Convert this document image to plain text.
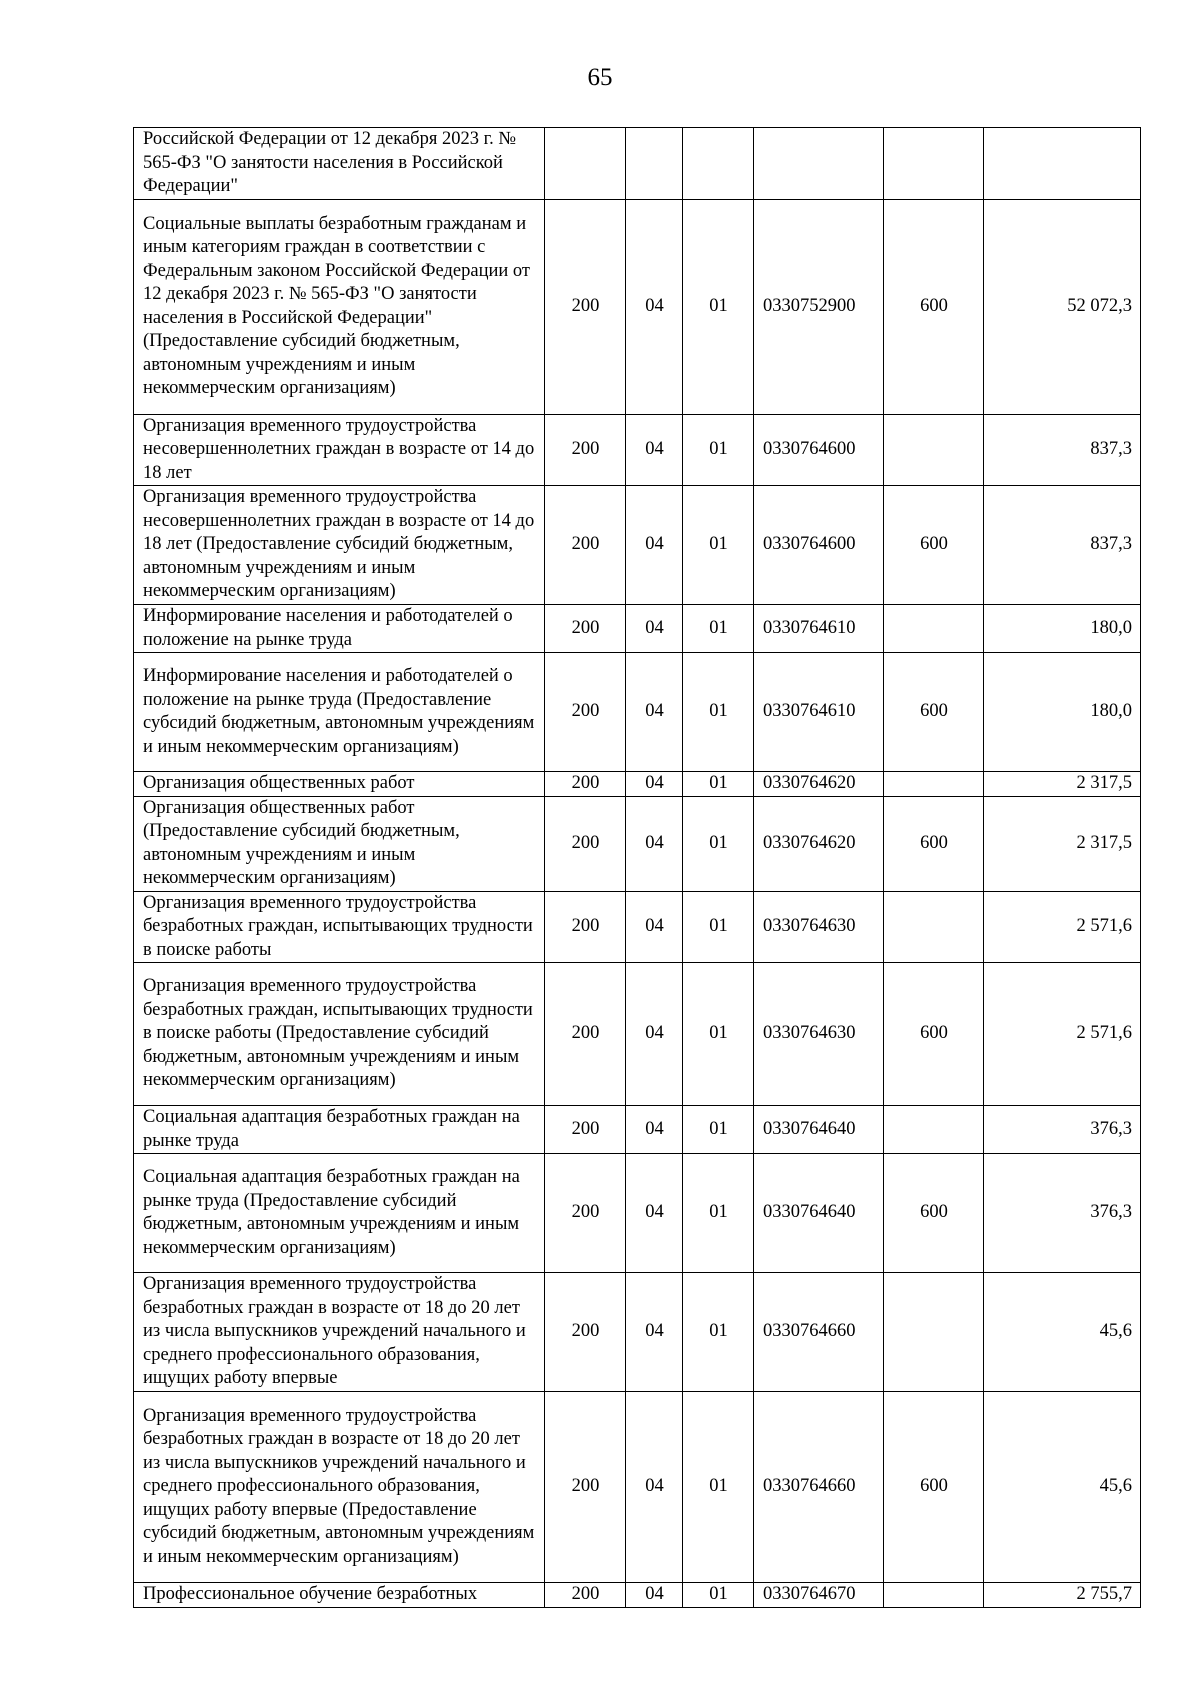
65
Российской Федерации от 12 декабря 2023 г. № 565-ФЗ "О занятости населения в Российской Федерации"						
Социальные выплаты безработным гражданам и иным категориям граждан в соответствии с Федеральным законом Российской Федерации от 12 декабря 2023 г. № 565-ФЗ "О занятости населения в Российской Федерации" (Предоставление субсидий бюджетным, автономным учреждениям и иным некоммерческим организациям)	200	04	01	0330752900	600	52 072,3
Организация временного трудоустройства несовершеннолетних граждан в возрасте от 14 до 18 лет	200	04	01	0330764600		837,3
Организация временного трудоустройства несовершеннолетних граждан в возрасте от 14 до 18 лет (Предоставление субсидий бюджетным, автономным учреждениям и иным некоммерческим организациям)	200	04	01	0330764600	600	837,3
Информирование населения и работодателей о положение на рынке труда	200	04	01	0330764610		180,0
Информирование населения и работодателей о положение на рынке труда (Предоставление субсидий бюджетным, автономным учреждениям и иным некоммерческим организациям)	200	04	01	0330764610	600	180,0
Организация общественных работ	200	04	01	0330764620		2 317,5
Организация общественных работ (Предоставление субсидий бюджетным, автономным учреждениям и иным некоммерческим организациям)	200	04	01	0330764620	600	2 317,5
Организация временного трудоустройства безработных граждан, испытывающих трудности в поиске работы	200	04	01	0330764630		2 571,6
Организация временного трудоустройства безработных граждан, испытывающих трудности в поиске работы (Предоставление субсидий бюджетным, автономным учреждениям и иным некоммерческим организациям)	200	04	01	0330764630	600	2 571,6
Социальная адаптация безработных граждан на рынке труда	200	04	01	0330764640		376,3
Социальная адаптация безработных граждан на рынке труда (Предоставление субсидий бюджетным, автономным учреждениям и иным некоммерческим организациям)	200	04	01	0330764640	600	376,3
Организация временного трудоустройства безработных граждан в возрасте от 18 до 20 лет из числа выпускников учреждений начального и среднего профессионального образования, ищущих работу впервые	200	04	01	0330764660		45,6
Организация временного трудоустройства безработных граждан в возрасте от 18 до 20 лет из числа выпускников учреждений начального и среднего профессионального образования, ищущих работу впервые (Предоставление субсидий бюджетным, автономным учреждениям и иным некоммерческим организациям)	200	04	01	0330764660	600	45,6
Профессиональное обучение безработных	200	04	01	0330764670		2 755,7
